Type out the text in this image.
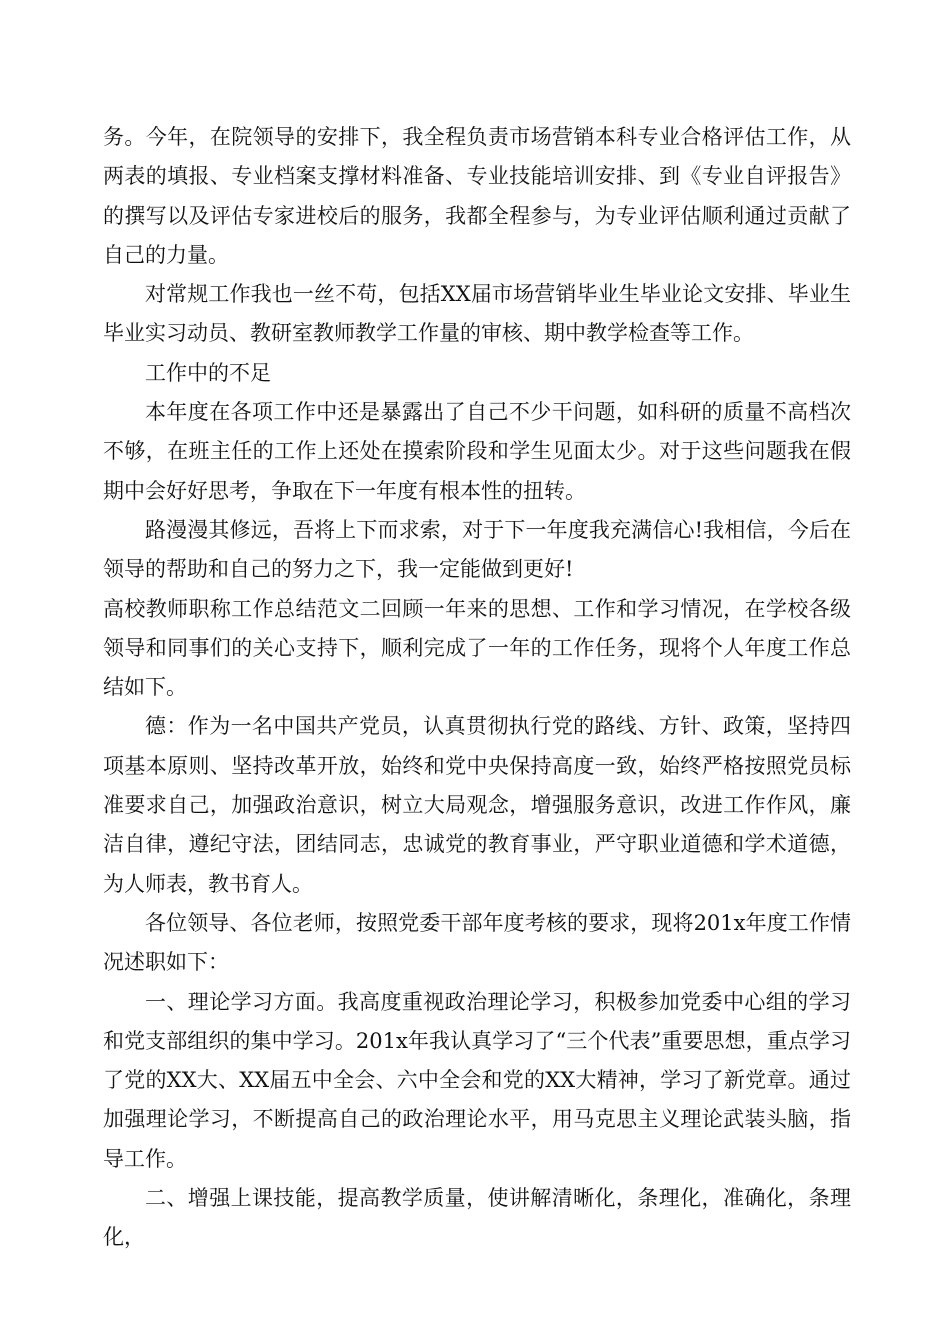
务。今年，在院领导的安排下，我全程负责市场营销本科专业合格评估工作，从两表的填报、专业档案支撑材料准备、专业技能培训安排、到《专业自评报告》的撰写以及评估专家进校后的服务，我都全程参与，为专业评估顺利通过贡献了自己的力量。

对常规工作我也一丝不苟，包括XX届市场营销毕业生毕业论文安排、毕业生毕业实习动员、教研室教师教学工作量的审核、期中教学检查等工作。

工作中的不足

本年度在各项工作中还是暴露出了自己不少干问题，如科研的质量不高档次不够，在班主任的工作上还处在摸索阶段和学生见面太少。对于这些问题我在假期中会好好思考，争取在下一年度有根本性的扭转。

路漫漫其修远，吾将上下而求索，对于下一年度我充满信心!我相信，今后在领导的帮助和自己的努力之下，我一定能做到更好!

高校教师职称工作总结范文二回顾一年来的思想、工作和学习情况，在学校各级领导和同事们的关心支持下，顺利完成了一年的工作任务，现将个人年度工作总结如下。

德：作为一名中国共产党员，认真贯彻执行党的路线、方针、政策，坚持四项基本原则、坚持改革开放，始终和党中央保持高度一致，始终严格按照党员标准要求自己，加强政治意识，树立大局观念，增强服务意识，改进工作作风，廉洁自律，遵纪守法，团结同志，忠诚党的教育事业，严守职业道德和学术道德，为人师表，教书育人。

各位领导、各位老师，按照党委干部年度考核的要求，现将201x年度工作情况述职如下：

一、理论学习方面。我高度重视政治理论学习，积极参加党委中心组的学习和党支部组织的集中学习。201x年我认真学习了“三个代表”重要思想，重点学习了党的XX大、XX届五中全会、六中全会和党的XX大精神，学习了新党章。通过加强理论学习，不断提高自己的政治理论水平，用马克思主义理论武装头脑，指导工作。

二、增强上课技能，提高教学质量，使讲解清晰化，条理化，准确化，条理化，
